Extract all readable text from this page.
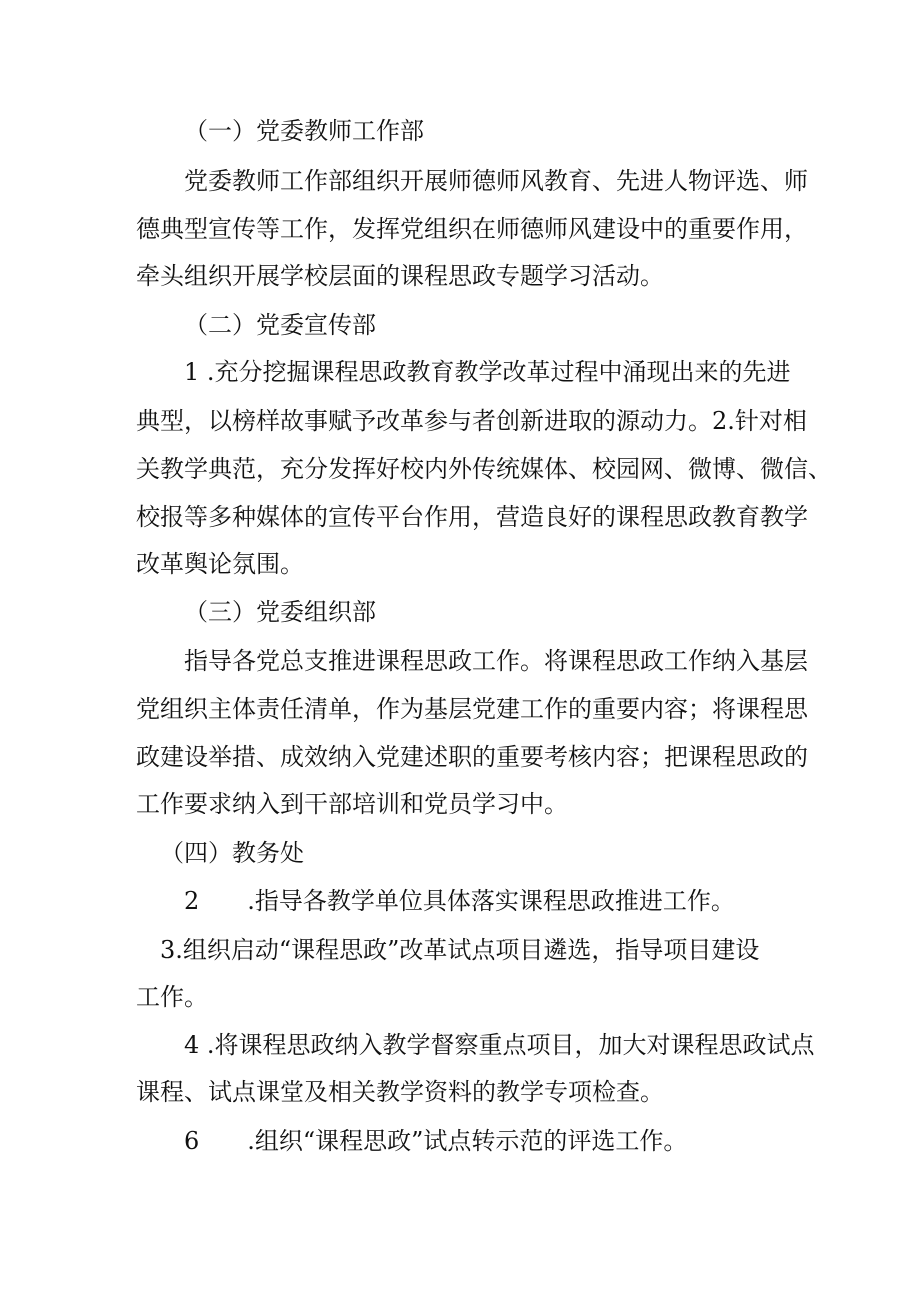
（一）党委教师工作部

党委教师工作部组织开展师德师风教育、先进人物评选、师

德典型宣传等工作，发挥党组织在师德师风建设中的重要作用，

牵头组织开展学校层面的课程思政专题学习活动。

（二）党委宣传部

1 .充分挖掘课程思政教育教学改革过程中涌现出来的先进

典型，以榜样故事赋予改革参与者创新进取的源动力。2.针对相

关教学典范，充分发挥好校内外传统媒体、校园网、微博、微信、

校报等多种媒体的宣传平台作用，营造良好的课程思政教育教学

改革舆论氛围。

（三）党委组织部

指导各党总支推进课程思政工作。将课程思政工作纳入基层

党组织主体责任清单，作为基层党建工作的重要内容；将课程思

政建设举措、成效纳入党建述职的重要考核内容；把课程思政的

工作要求纳入到干部培训和党员学习中。

（四）教务处

2　　.指导各教学单位具体落实课程思政推进工作。

3.组织启动“课程思政”改革试点项目遴选，指导项目建设

工作。

4 .将课程思政纳入教学督察重点项目，加大对课程思政试点

课程、试点课堂及相关教学资料的教学专项检查。

6　　.组织“课程思政”试点转示范的评选工作。
